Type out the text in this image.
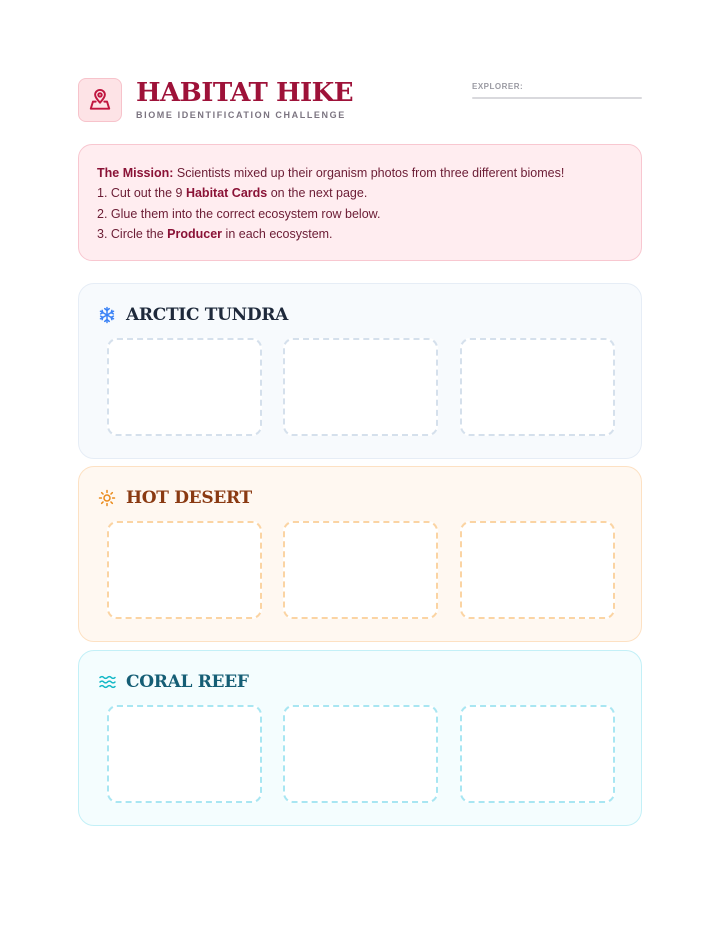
HABITAT HIKE
BIOME IDENTIFICATION CHALLENGE
EXPLORER:

The Mission: Scientists mixed up their organism photos from three different biomes!

1. Cut out the 9 Habitat Cards on the next page.

2. Glue them into the correct ecosystem row below.

3. Circle the Producer in each ecosystem.

ARCTIC TUNDRA
HOT DESERT
CORAL REEF
